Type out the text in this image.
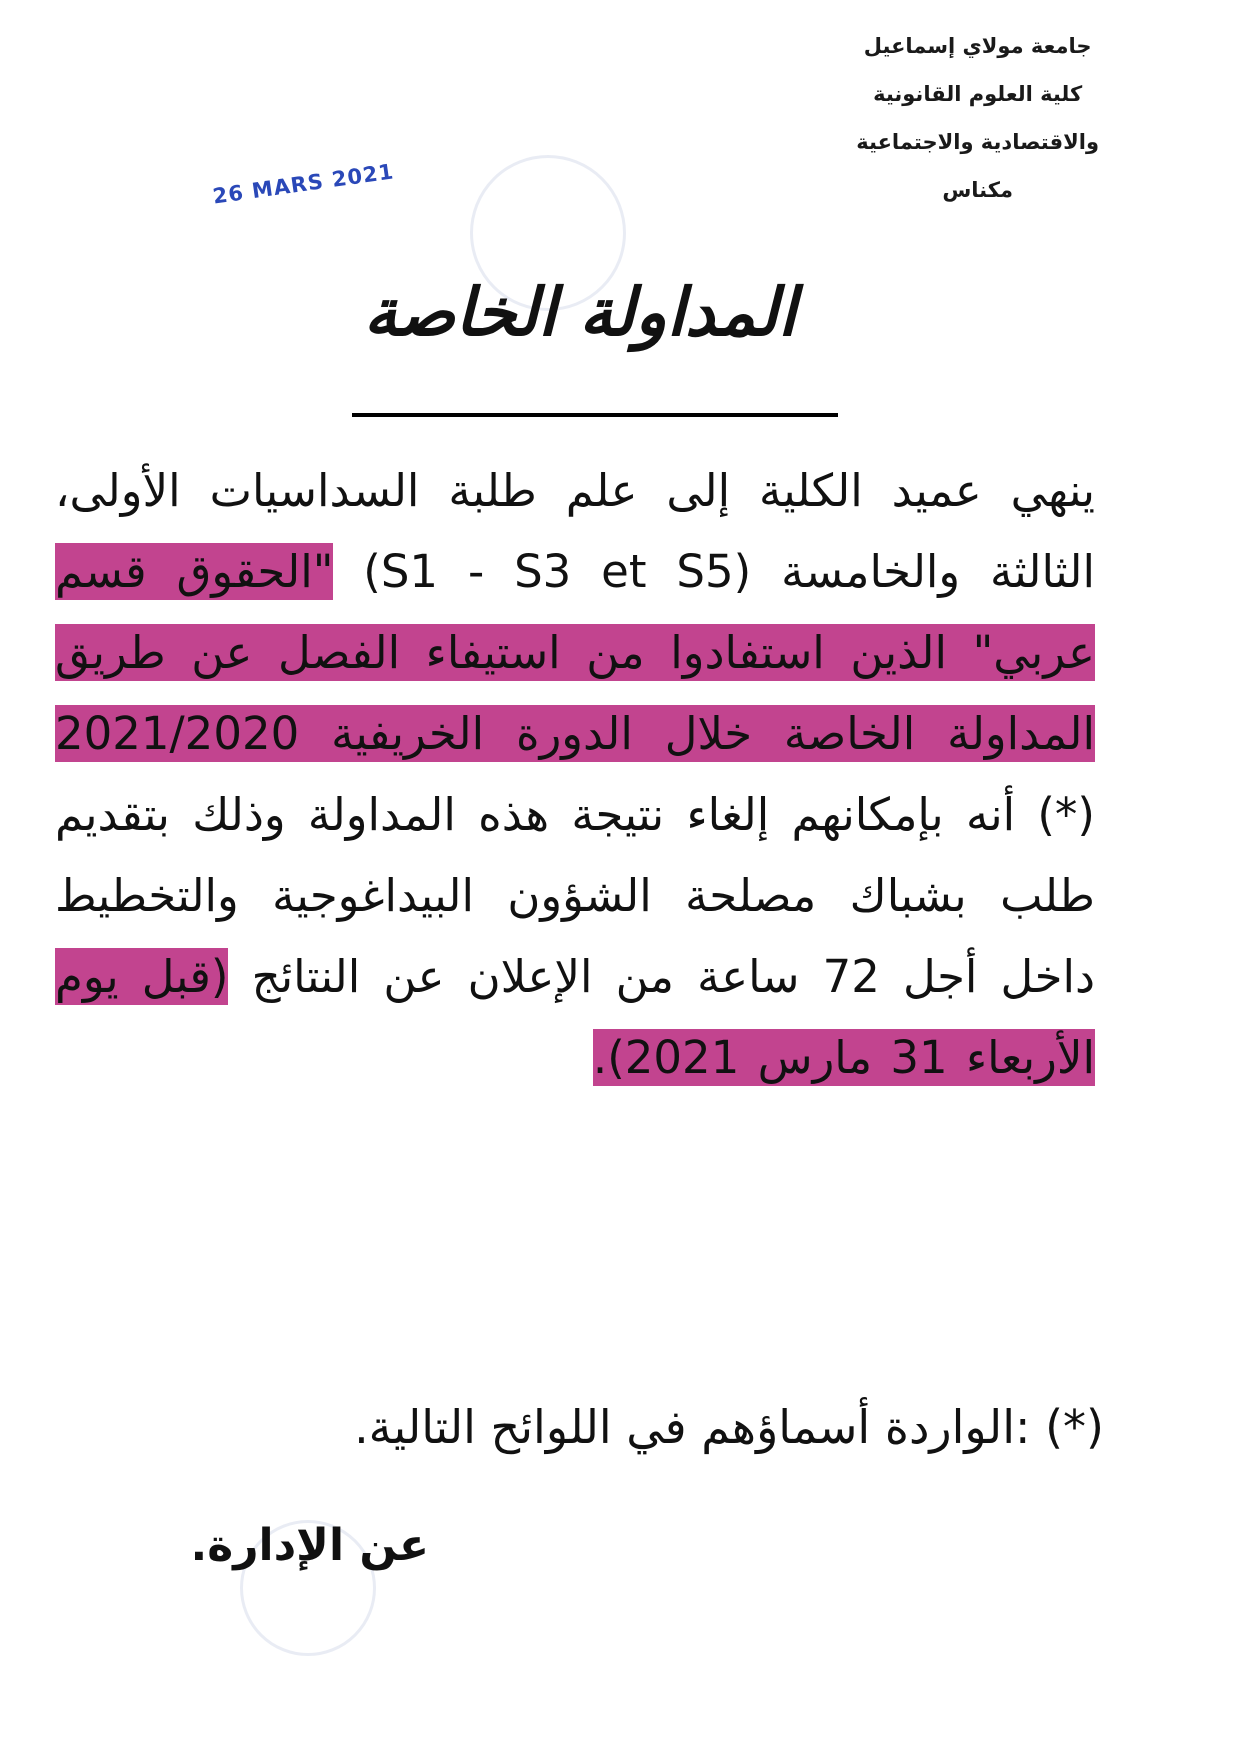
جامعة مولاي إسماعيل
كلية العلوم القانونية
والاقتصادية والاجتماعية
مكناس
26 MARS 2021
المداولة الخاصة
ينهي عميد الكلية إلى علم طلبة السداسيات الأولى، الثالثة والخامسة (S1 - S3 et S5) "الحقوق قسم عربي" الذين استفادوا من استيفاء الفصل عن طريق المداولة الخاصة خلال الدورة الخريفية 2021/2020 (*) أنه بإمكانهم إلغاء نتيجة هذه المداولة وذلك بتقديم طلب بشباك مصلحة الشؤون البيداغوجية والتخطيط داخل أجل 72 ساعة من الإعلان عن النتائج (قبل يوم الأربعاء 31 مارس 2021).
(*) :الواردة أسماؤهم في اللوائح التالية.
عن الإدارة.
